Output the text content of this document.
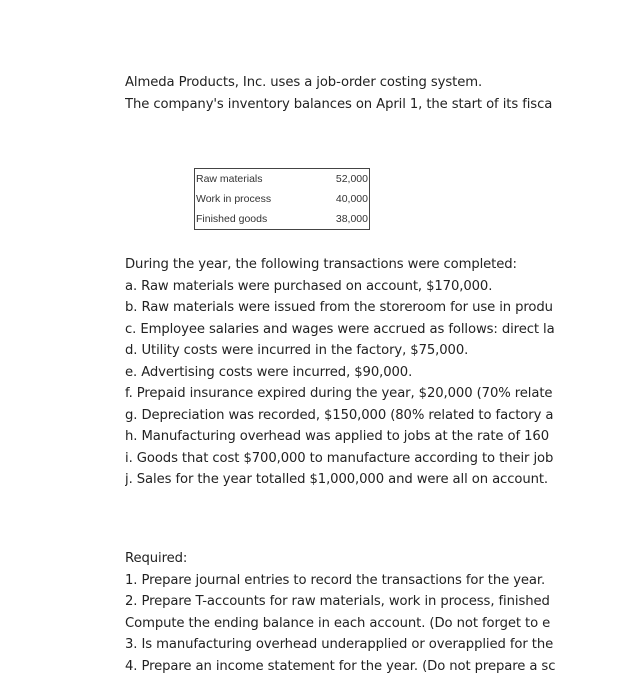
Almeda Products, Inc. uses a job-order costing system.
The company's inventory balances on April 1, the start of its fisca
Raw materials	52,000
Work in process	40,000
Finished goods	38,000
During the year, the following transactions were completed:
a. Raw materials were purchased on account, $170,000.
b. Raw materials were issued from the storeroom for use in produ
c. Employee salaries and wages were accrued as follows: direct la
d. Utility costs were incurred in the factory, $75,000.
e. Advertising costs were incurred, $90,000.
f. Prepaid insurance expired during the year, $20,000 (70% relate
g. Depreciation was recorded, $150,000 (80% related to factory a
h. Manufacturing overhead was applied to jobs at the rate of 160
i. Goods that cost $700,000 to manufacture according to their job
j. Sales for the year totalled $1,000,000 and were all on account.
Required:
1. Prepare journal entries to record the transactions for the year.
2. Prepare T-accounts for raw materials, work in process, finished
Compute the ending balance in each account. (Do not forget to e
3. Is manufacturing overhead underapplied or overapplied for the
4. Prepare an income statement for the year. (Do not prepare a sc
